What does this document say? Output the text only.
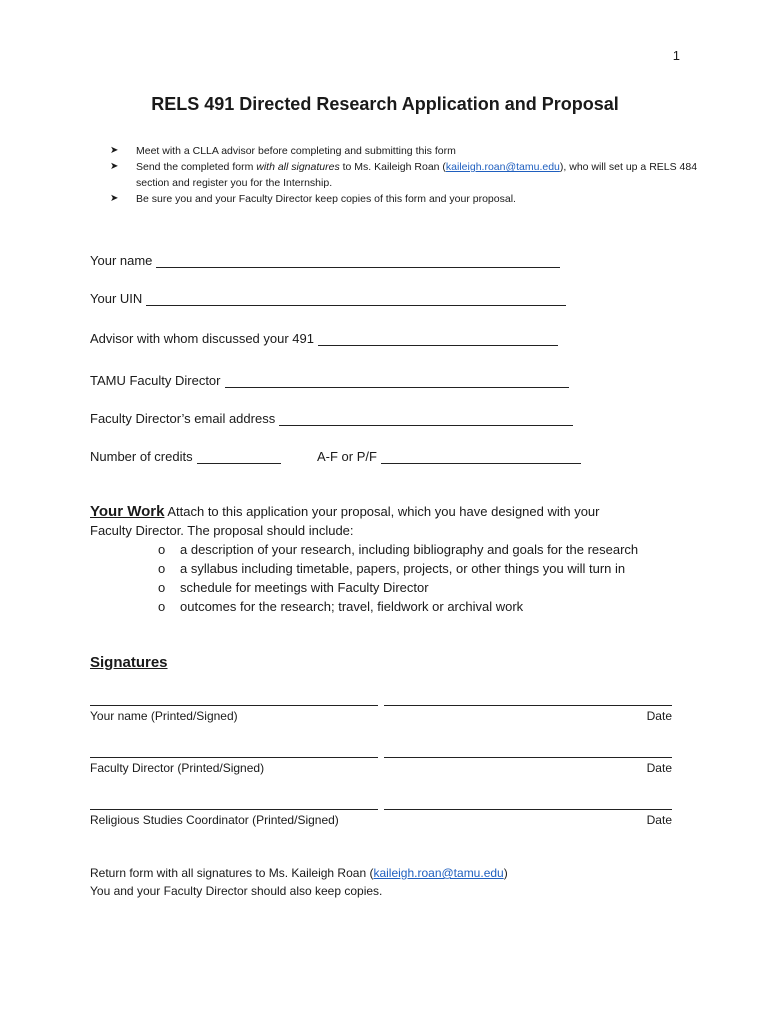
1
RELS 491 Directed Research Application and Proposal
➤ Meet with a CLLA advisor before completing and submitting this form
➤ Send the completed form with all signatures to Ms. Kaileigh Roan (kaileigh.roan@tamu.edu), who will set up a RELS 484 section and register you for the Internship.
➤ Be sure you and your Faculty Director keep copies of this form and your proposal.
Your name
Your UIN
Advisor with whom discussed your 491
TAMU Faculty Director
Faculty Director’s email address
Number of credits	A-F or P/F
Your Work Attach to this application your proposal, which you have designed with your
Faculty Director. The proposal should include:
o a description of your research, including bibliography and goals for the research
o a syllabus including timetable, papers, projects, or other things you will turn in
o schedule for meetings with Faculty Director
o outcomes for the research; travel, fieldwork or archival work
Signatures
Your name (Printed/Signed)	Date
Faculty Director (Printed/Signed)	Date
Religious Studies Coordinator (Printed/Signed)	Date
Return form with all signatures to Ms. Kaileigh Roan (kaileigh.roan@tamu.edu)
You and your Faculty Director should also keep copies.
